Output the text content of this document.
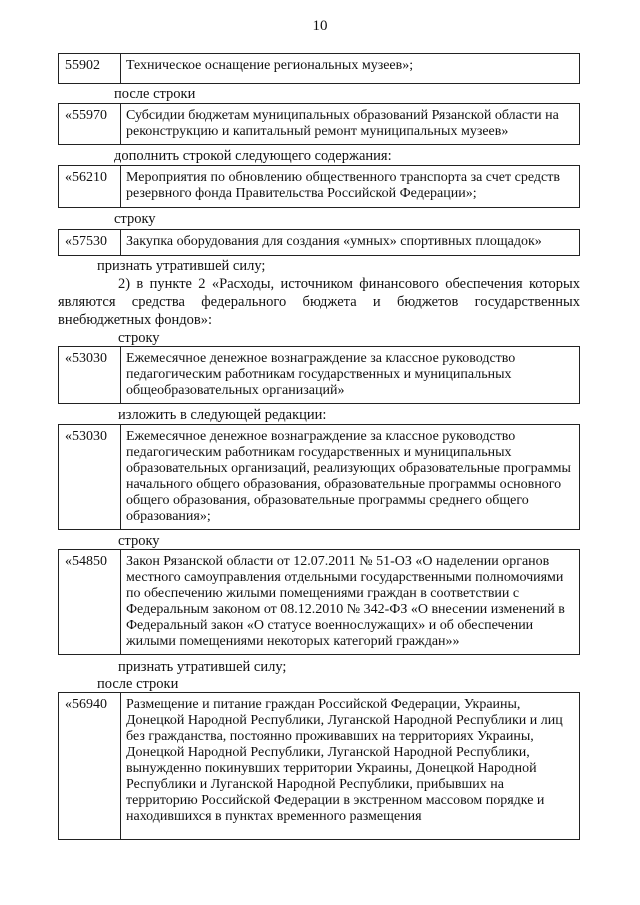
10
55902	Техническое оснащение региональных музеев»;
после строки
«55970	Субсидии бюджетам муниципальных образований Рязанской области на реконструкцию и капитальный ремонт муниципальных музеев»
дополнить строкой следующего содержания:
«56210	Мероприятия по обновлению общественного транспорта за счет средств резервного фонда Правительства Российской Федерации»;
строку
«57530	Закупка оборудования для создания «умных» спортивных площадок»
признать утратившей силу;
2) в пункте 2 «Расходы, источником финансового обеспечения которых являются средства федерального бюджета и бюджетов государственных внебюджетных фондов»:
строку
«53030	Ежемесячное денежное вознаграждение за классное руководство педагогическим работникам государственных и муниципальных общеобразовательных организаций»
изложить в следующей редакции:
«53030	Ежемесячное денежное вознаграждение за классное руководство педагогическим работникам государственных и муниципальных образовательных организаций, реализующих образовательные программы начального общего образования, образовательные программы основного общего образования, образовательные программы среднего общего образования»;
строку
«54850	Закон Рязанской области от 12.07.2011 № 51-ОЗ «О наделении органов местного самоуправления отдельными государственными полномочиями по обеспечению жилыми помещениями граждан в соответствии с Федеральным законом от 08.12.2010 № 342-ФЗ «О внесении изменений в Федеральный закон «О статусе военнослужащих» и об обеспечении жилыми помещениями некоторых категорий граждан»»
признать утратившей силу;
после строки
«56940	Размещение и питание граждан Российской Федерации, Украины, Донецкой Народной Республики, Луганской Народной Республики и лиц без гражданства, постоянно проживавших на территориях Украины, Донецкой Народной Республики, Луганской Народной Республики, вынужденно покинувших территории Украины, Донецкой Народной Республики и Луганской Народной Республики, прибывших на территорию Российской Федерации в экстренном массовом порядке и находившихся в пунктах временного размещения
